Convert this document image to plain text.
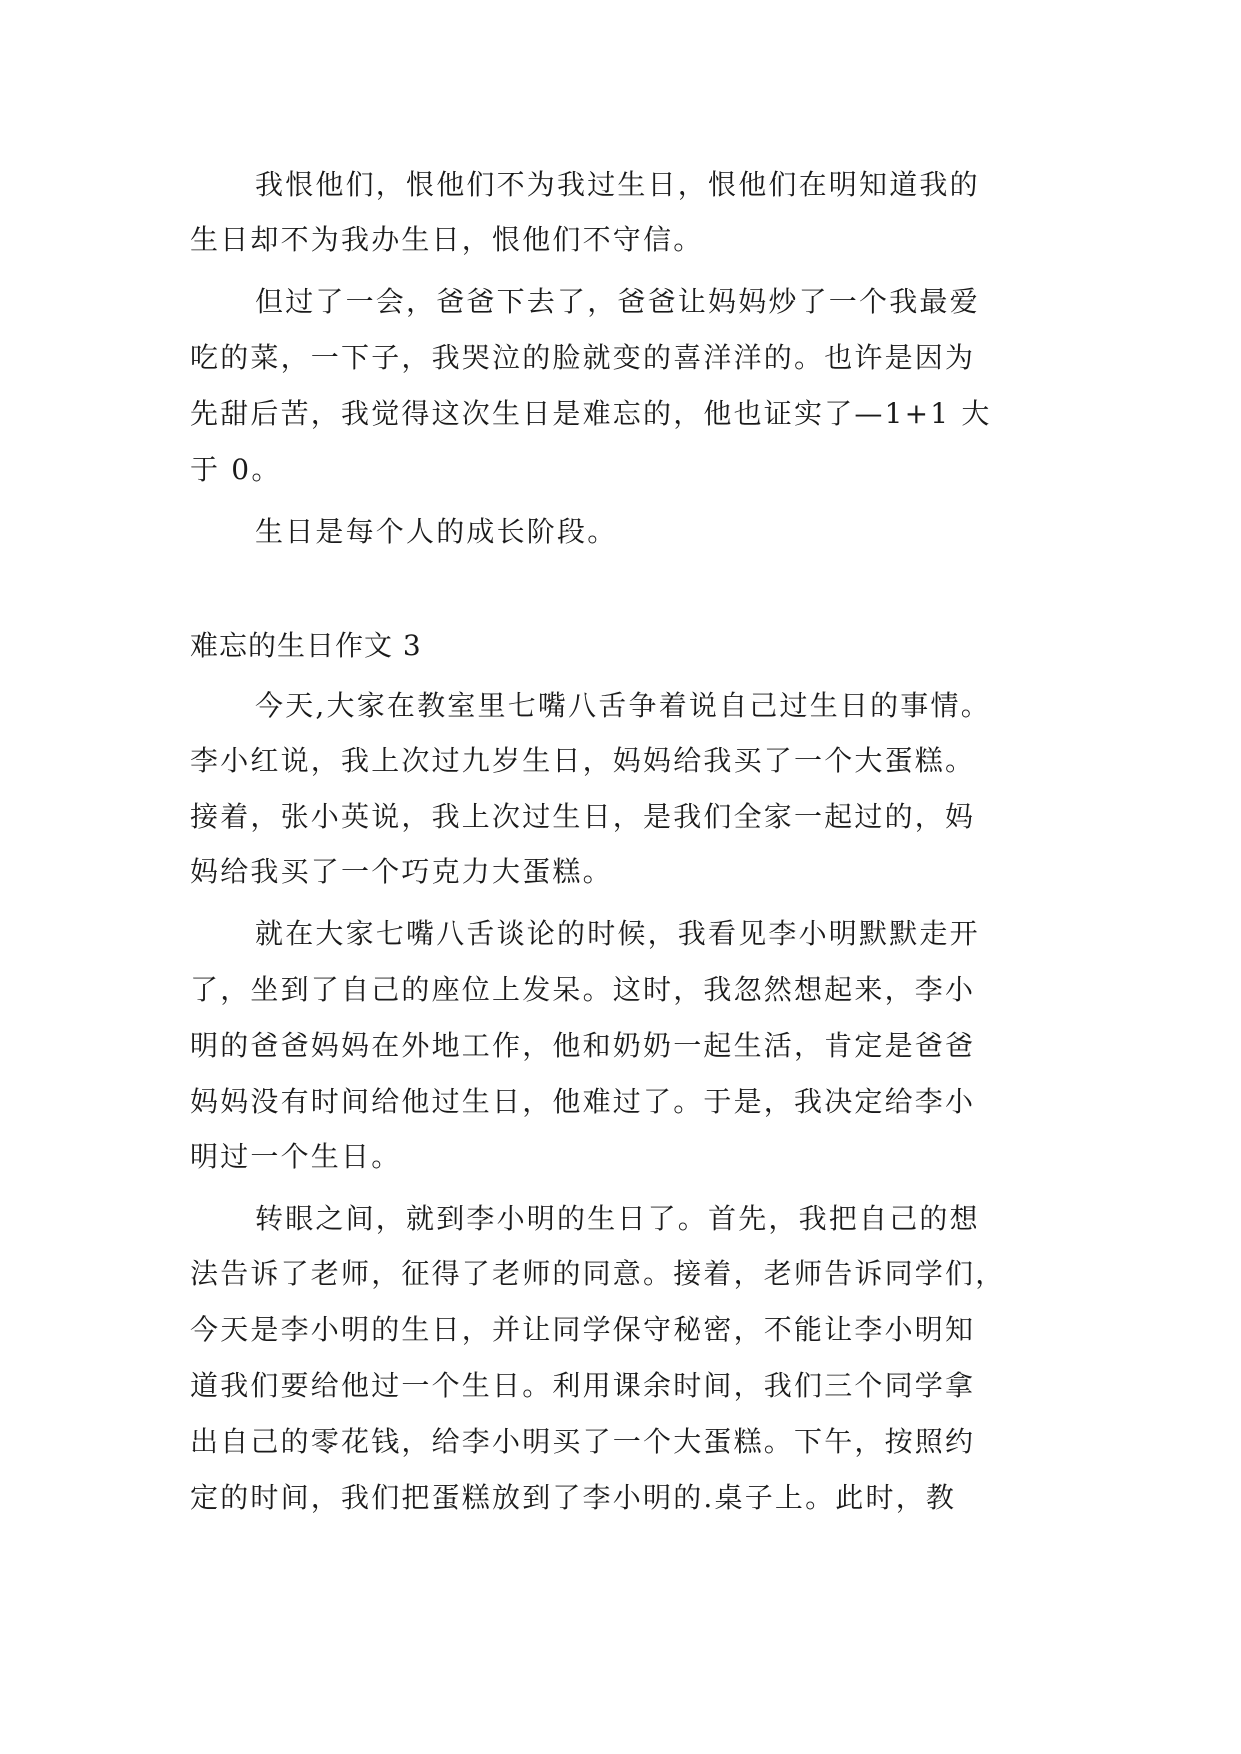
我恨他们，恨他们不为我过生日，恨他们在明知道我的
生日却不为我办生日，恨他们不守信。
但过了一会，爸爸下去了，爸爸让妈妈炒了一个我最爱
吃的菜，一下子，我哭泣的脸就变的喜洋洋的。也许是因为
先甜后苦，我觉得这次生日是难忘的，他也证实了—1+1 大
于 0。
生日是每个人的成长阶段。
难忘的生日作文 3
今天,大家在教室里七嘴八舌争着说自己过生日的事情。
李小红说，我上次过九岁生日，妈妈给我买了一个大蛋糕。
接着，张小英说，我上次过生日，是我们全家一起过的，妈
妈给我买了一个巧克力大蛋糕。
就在大家七嘴八舌谈论的时候，我看见李小明默默走开
了，坐到了自己的座位上发呆。这时，我忽然想起来，李小
明的爸爸妈妈在外地工作，他和奶奶一起生活，肯定是爸爸
妈妈没有时间给他过生日，他难过了。于是，我决定给李小
明过一个生日。
转眼之间，就到李小明的生日了。首先，我把自己的想
法告诉了老师，征得了老师的同意。接着，老师告诉同学们，
今天是李小明的生日，并让同学保守秘密，不能让李小明知
道我们要给他过一个生日。利用课余时间，我们三个同学拿
出自己的零花钱，给李小明买了一个大蛋糕。下午，按照约
定的时间，我们把蛋糕放到了李小明的.桌子上。此时，教
